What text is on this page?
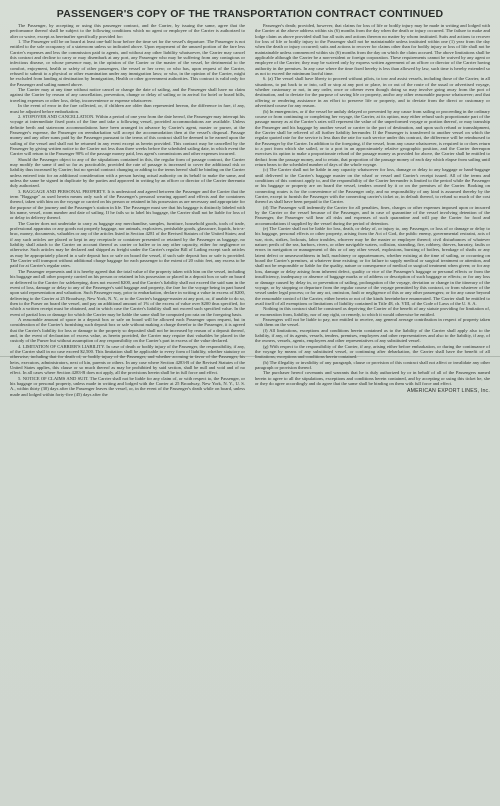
PASSENGER'S COPY OF THE TRANSPORTATION CONTRACT CONTINUED

The Passenger, by accepting or using this passenger contract, and the Carrier, by issuing the same, agree that the performance thereof shall be subject to the following conditions which no agent or employee of the Carrier is authorized to alter or waive, except as hereinafter specifically provided for:

1. The Passenger will be on board at least one-half hour before the time set for the vessel's departure. The Passenger is not entitled to the sole occupancy of a stateroom unless so indicated above. Upon repayment of the unused portion of the fare less Carrier's expenses and less the commission paid to agents, and without any other liability whatsoever, the Carrier may cancel this contract and decline to carry or may disembark at any port, any Passenger who may be suffering from any contagious or infectious disease, or whose presence may, in the opinion of the Carrier or the master of the vessel, be detrimental to the comfort, enjoyment, health or safety of other passengers, the vessel or her crew; or who has, upon request of the Carrier, refused to submit to a physical or other examination under any immigration laws; or who, in the opinion of the Carrier, might be excluded from landing at destination by Immigration, Health or other government authorities. This contract is valid only for the Passenger and sailing named above.

The Carrier may at any time without notice cancel or change the date of sailing, and the Passenger shall have no claim against the Carrier by reason of any cancellation, prevention, change or delay of sailing or in arrival for hotel or board bills, traveling expenses or other loss, delay, inconvenience or expense whatsoever.

In the event of error in the fare collected, or, if children are older than represented hereon, the difference in fare, if any, must be adjusted before embarkation.

2. STOPOVER AND CANCELLATION. Within a period of one year from the date hereof, the Passenger may interrupt his voyage at intermediate fixed ports of the line and take a following vessel, provided accommodations are available. Unless definite berth and stateroom accommodations have been arranged in advance by Carrier's agent, master or purser, at the Passenger's expense, the Passenger on reembarkation will accept the accommodation then at the vessel's disposal. Passage money and any other sums paid by the Passenger pursuant to the terms of this contract shall be deemed to be earned upon the sailing of the vessel and shall not be returned in any event except as herein provided. This contract may be cancelled by the Passenger by giving written notice to the Carrier not less than three weeks before the scheduled sailing date, in which event the Carrier will return to the Passenger 90% of the passage money paid, less agent's commissions and other expenses incurred.

Should the Passenger object to any of the stipulations contained in this, the regular form of passage contract, the Carrier may modify the same if and so far as practicable, provided the rate of passage is increased to cover the additional risk or liability thus increased by Carrier; but no special contract changing or adding to the terms hereof shall be binding on the Carrier unless entered into for an additional consideration with a person having actual authority on its behalf to make the same, and unless the same be signed in duplicate by the parties and approved in writing by an officer or director of the Carrier thereunto duly authorized.

3. BAGGAGE AND PERSONAL PROPERTY. It is understood and agreed between the Passenger and the Carrier that the term "Baggage" as used herein means only such of the Passenger's personal wearing apparel and effects and the containers thereof, taken with him on the voyage or carried on his person or retained in his possession as are necessary and appropriate for the purpose of the journey and the Passenger's station in life. The Passenger must see that his baggage is distinctly labeled with his name, vessel, room number and date of sailing. If he fails so to label his baggage, the Carrier shall not be liable for loss of or delay in delivery thereof.

The Carrier does not undertake to carry as baggage any merchandise, samples, furniture, household goods, tools of trade, professional apparatus or any goods not properly baggage, nor animals, explosives, perishable goods, glassware, liquids, bric-a-brac, money, documents, valuables or any of the articles listed in Section 4281 of the Revised Statutes of the United States; and if any such articles are placed or kept in any receptacle or container presented or retained by the Passenger as baggage, no liability shall attach to the Carrier on account thereof as carrier or bailee or in any other capacity, either for negligence or otherwise. Such articles may be declared and shipped as freight under the Carrier's regular Bill of Lading except such articles as may be appropriately placed in a safe deposit box or safe on board the vessel, if such safe deposit box or safe is provided. The Carrier will transport without additional charge baggage for each passenger to the extent of 20 cubic feet, any excess to be paid for at Carrier's regular rates.

The Passenger represents and it is hereby agreed that the total value of the property taken with him on the vessel, including his baggage and all other property carried on his person or retained in his possession or placed in a deposit box or safe on board or delivered to the Carrier for safekeeping, does not exceed $200, and the Carrier's liability shall not exceed the said sum in the event of loss, damage or delay to any of the Passenger's said baggage and property, the fare for the voyage being in part based upon said representation and valuation. Such Passenger may, prior to embarkation, declare in writing a value in excess of $200, delivering to the Carrier at 25 Broadway, New York, N. Y., or to the Carrier's baggage-master at any port, or, if unable to do so, then to the Purser on board the vessel, and pay an additional amount of 1% of the excess of value over $200 thus specified, for which a written receipt must be obtained, and in which case the Carrier's liability shall not exceed such specified value. In the event of partial loss or damage for which the Carrier may be liable the same shall be computed pro rata on the foregoing basis.

A reasonable amount of space in a deposit box or safe on board will be allowed each Passenger upon request, but in consideration of the Carrier's furnishing such deposit box or safe without making a charge therefor to the Passenger, it is agreed that the Carrier's liability for loss or damage to the property so deposited shall not be increased by reason of a deposit thereof, and, in the event of declaration of excess value, as herein provided, the Carrier may require that valuables be placed in the custody of the Purser but without assumption of any responsibility on the Carrier's part in excess of the value declared.

4. LIMITATION OF CARRIER'S LIABILITY. In case of death or bodily injury of the Passenger, the responsibility, if any, of the Carrier shall in no case exceed $2,500. This limitation shall be applicable to every form of liability, whether statutory or otherwise, including that for death of, or bodily injury of the Passenger, and whether accruing in favor of the Passenger, his heirs, executors, administrators, next of kin, parents or others. In any case where Section 4283-B of the Revised Statutes of the United States applies, this clause or so much thereof as may be prohibited by said section, shall be null and void and of no effect. In all cases where Section 4283-B does not apply, all the provisions herein shall be in full force and effect.

5. NOTICE OF CLAIMS AND SUIT. The Carrier shall not be liable for any claim of, or with respect to, the Passenger, or his baggage or personal property, unless made in writing and lodged with the Carrier at 25 Broadway, New York, N. Y., U. S. A., within thirty (30) days after the Passenger leaves the vessel, or, in the event of the Passenger's death while on board, unless made and lodged within forty-five (45) days after the

Passenger's death; provided, however, that claims for loss of life or bodily injury may be made in writing and lodged with the Carrier at the above address within six (6) months from the day when the death or injury occurred. The failure to make and lodge claim as above provided shall bar all suits and actions thereon no matter by whom instituted. Suits and actions to recover for loss of life or bodily injury to the Passenger shall not be maintainable unless instituted within one (1) year from the day when the death or injury occurred; suits and actions to recover for claims other than for bodily injury or loss of life shall not be maintainable unless commenced within six (6) months from the day on which the claim accrued. The above limitations shall be applicable although the Carrier be a non-resident or foreign corporation. These requirements cannot be waived by any agent or employee of the Carrier; they may be waived only by express written agreement of an officer or director of the Carrier having authority in the premises. In any case where the time fixed hereby is less than allowed by law, such time is hereby extended so as not to exceed the minimum lawful time.

6. (a) The vessel shall have liberty to proceed without pilots, to tow and assist vessels, including those of the Carrier, in all situations, to put back to or into, call or stop at any port or place, in or out of the route of the usual or advertised voyage, whether customary or not, in any order, once or oftener even though doing so may involve going away from the port of destination, and to deviate for the purpose of saving life or property, and/or any other reasonable purpose whatsoever; and that offering or rendering assistance in an effort to preserve life or property, and to deviate from the direct or customary or advertised course for any reason.

(b) In emergencies, or if the vessel be unduly delayed or prevented by any cause from sailing or proceeding in the ordinary course or from continuing or completing her voyage, the Carrier, at its option, may either refund such proportionate part of the passage money as at the Carrier's rates will represent the value of the unperformed voyage or portion thereof, or may transship the Passenger and his baggage by another vessel or carrier to the port of destination, and upon such refund or transshipment, the Carrier shall be relieved of all further liability hereunder. If the Passenger is transferred to another vessel on which the regular quoted rate for the service is less than the rate for such service under this contract, the difference will be reimbursed to the Passenger by the Carrier. In addition to the foregoing, if the vessel, from any cause whatsoever, is required to or does return to a port from which she sailed, or to a port in an approximately relative geographic position, and the Carrier thereupon exercises its option to make a proportionate refund of the passage money as provided for above, the Carrier shall be entitled to deduct from the passage money, and to retain, that proportion of the passage money of each day which elapse from sailing until return bears to the scheduled number of days of the whole voyage.

(c) The Carrier shall not be liable in any capacity whatsoever for loss, damage or delay to any baggage or hand-baggage until delivered to the Carrier's baggage master on the wharf or vessel and Carrier's receipt issued. All of the terms and conditions of this contract apply to, and the responsibility of the Carrier hereunder is limited to the period while the Passenger or his baggage or property are on board the vessel, tenders owned by it or on the premises of the Carrier. Booking on connecting routes is for the convenience of the Passenger only, and no responsibility of any kind is assumed thereby by the Carrier, except to furnish the Passenger with the connecting carrier's ticket or, in default thereof, to refund so much of the cost thereof as shall have been prepaid to the Carrier.

(d) The Passenger will indemnify the Carrier for all penalties, fines, charges or other expenses imposed upon or incurred by the Carrier or the vessel because of the Passenger, and in case of quarantine of the vessel involving detention of the Passenger, the Passenger will bear all risks and expenses of such quarantine and will pay the Carrier for food and accommodations if supplied by the vessel during the period of detention.

(e) The Carrier shall not be liable for loss, death, or delay of, or injury to, any Passenger, or loss of or damage or delay to his baggage, personal effects or other property, arising from the Act of God, the public enemy, governmental restraint, acts of war, riots, strikes, lockouts, labor troubles, whoever may be the master or employee thereof; civil disturbances of whatever nature; perils of the sea, harbors, rivers, or other navigable waters, collision, stranding, fire, robbery, thieves, barratry, faults or errors in navigation or management of this or of any other vessel, explosions, bursting of boilers, breakage of shafts or any latent defect or unseaworthiness in hull, machinery or appurtenances, whether existing at the time of sailing, or occurring on board the Carrier's premises, at whatever time existing; or for failure to supply medical or surgical treatment or attention, and shall not be responsible or liable for the quality, nature or consequence of medical or surgical treatment when given; or for any loss, damage or delay arising from inherent defect, quality or vice of the Passenger's baggage or personal effects or from the insufficiency, inadequacy or absence of baggage marks or of address or description of such baggage or effects; or for any loss or damage caused by delay in, or prevention of sailing, prolongation of the voyage, deviation or change in the itinerary of the voyage, or by stopping or departure from the regular course of the voyage permitted by this contract, or from whatever of the vessel under legal process; or for any act, omission, fault or negligence of this or any other passengers; or for any cause beyond the reasonable control of the Carrier, either herein or not of the kinds hereinbefore enumerated. The Carrier shall be entitled to avail itself of all exemptions or limitations of liability contained in Title 48, ch. VIII, of the Code of Laws of the U. S. A.

Nothing in this contract shall be construed as depriving the Carrier of the benefit of any statute providing for limitation of, or exoneration from, liability, nor of any right, or remedy, to which it would otherwise be entitled.

Passengers will not be liable to pay, nor entitled to receive, any general average contribution in respect of property taken with them on the vessel.

(f) All limitations, exceptions and conditions herein contained as to the liability of the Carrier shall apply also to the liability, if any, of its agents, vessels, tenders, premises, employees and other representatives and also to the liability, if any, of the owners, vessels, agents, employees and other representatives of any substituted vessel.

(g) With respect to the responsibility of the Carrier, if any, arising either before embarkation, or during the continuance of the voyage by means of any substituted vessel, or continuing after debarkation, the Carrier shall have the benefit of all limitations, exceptions and conditions herein contained.

(h) The illegality or invalidity of any paragraph, clause or provision of this contract shall not affect or invalidate any other paragraph or provision thereof.

The purchaser hereof covenants and warrants that he is duly authorized by or in behalf of all of the Passengers named herein to agree to all the stipulations, exceptions and conditions herein contained, and by accepting or using this ticket he, she or they do agree accordingly and do agree that the same shall be binding on them with full force and effect.

AMERICAN EXPORT LINES, Inc.
